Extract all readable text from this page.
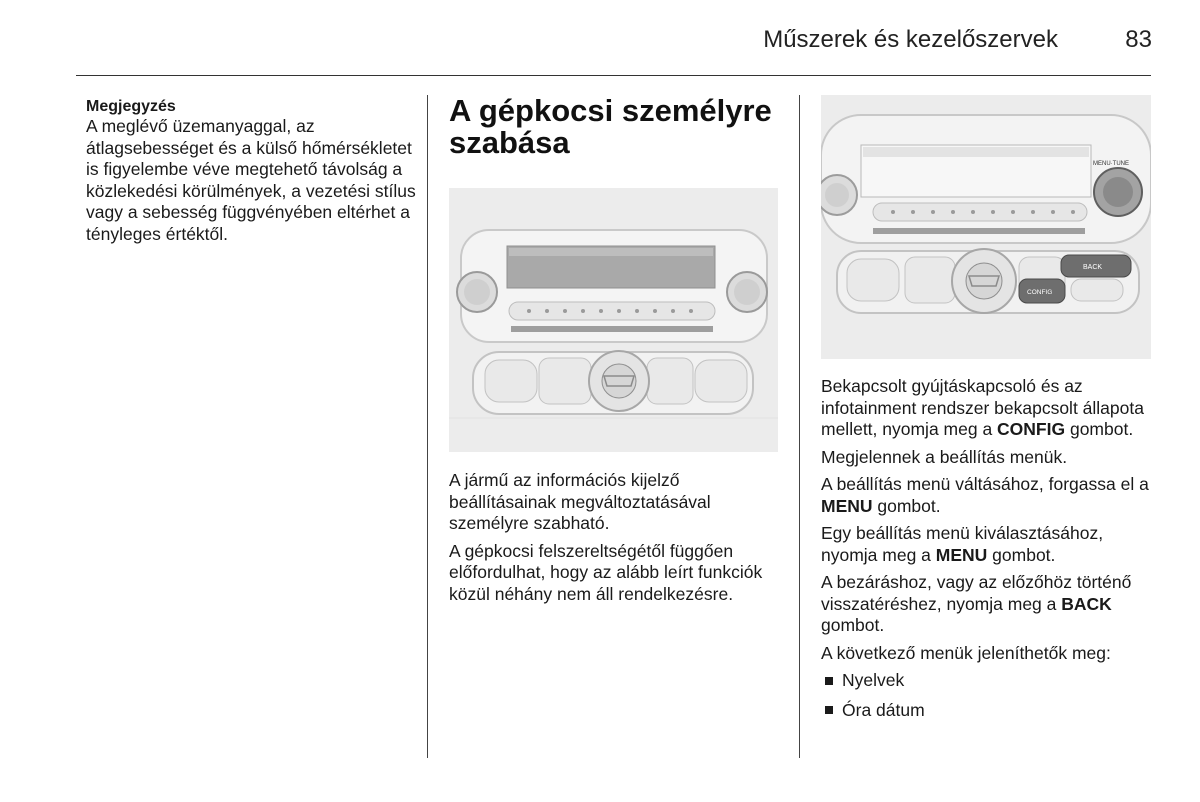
Műszerek és kezelőszervek	83
Megjegyzés

A meglévő üzemanyaggal, az átlagsebességet és a külső hőmérsékletet is figyelembe véve megtehető távolság a közlekedési körülmények, a vezetési stílus vagy a sebesség függvényében eltérhet a tényleges értéktől.

A gépkocsi személyre
szabása

A jármű az információs kijelző beállításainak megváltoztatásával személyre szabható.

A gépkocsi felszereltségétől függően előfordulhat, hogy az alább leírt funkciók közül néhány nem áll rendelkezésre.

MENU·TUNE
BACK
CONFIG

Bekapcsolt gyújtáskapcsoló és az infotainment rendszer bekapcsolt állapota mellett, nyomja meg a CONFIG gombot.

Megjelennek a beállítás menük.

A beállítás menü váltásához, forgassa el a MENU gombot.

Egy beállítás menü kiválasztásához, nyomja meg a MENU gombot.

A bezáráshoz, vagy az előzőhöz történő visszatéréshez, nyomja meg a BACK gombot.

A következő menük jeleníthetők meg:

Nyelvek
Óra dátum
